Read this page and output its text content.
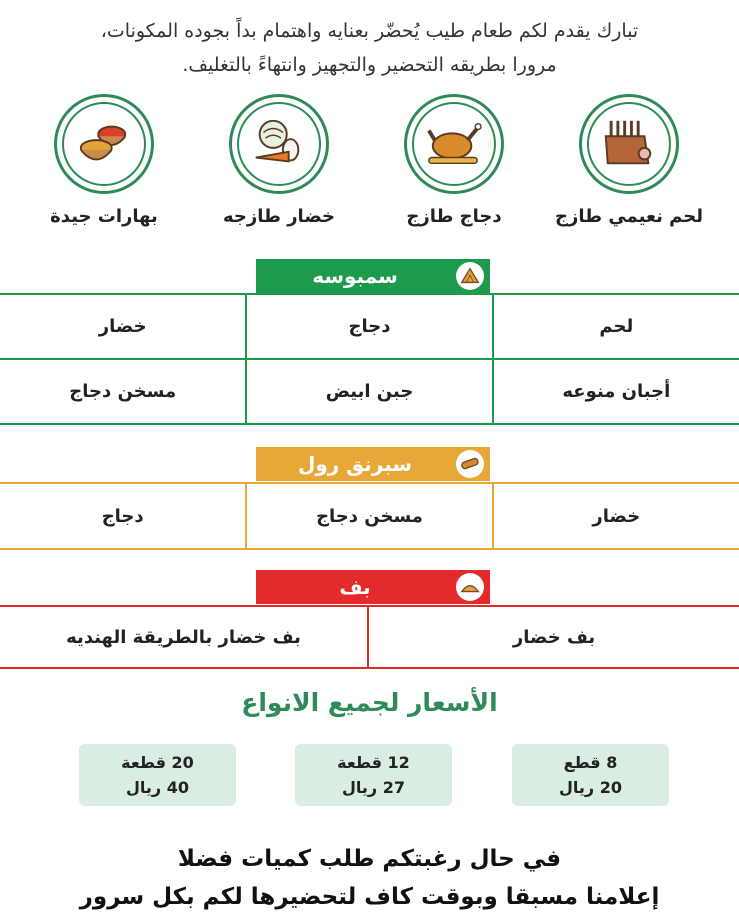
تبارك يقدم لكم طعام طيب يُحضّر بعنايه واهتمام بداً بجوده المكونات،
مرورا بطريقه التحضير والتجهيز وانتهاءً بالتغليف.
لحم نعيمي طازج
دجاج طازج
خضار طازجه
بهارات جيدة
سمبوسه
لحم	دجاج	خضار
أجبان منوعه	جبن ابيض	مسخن دجاج
سبرنق رول
خضار	مسخن دجاج	دجاج
بف
بف خضار	بف خضار بالطريقة الهنديه
الأسعار لجميع الانواع
8 قطع
20 ريال
12 قطعة
27 ريال
20 قطعة
40 ريال
في حال رغبتكم طلب كميات فضلا
إعلامنا مسبقا وبوقت كاف لتحضيرها لكم بكل سرور
